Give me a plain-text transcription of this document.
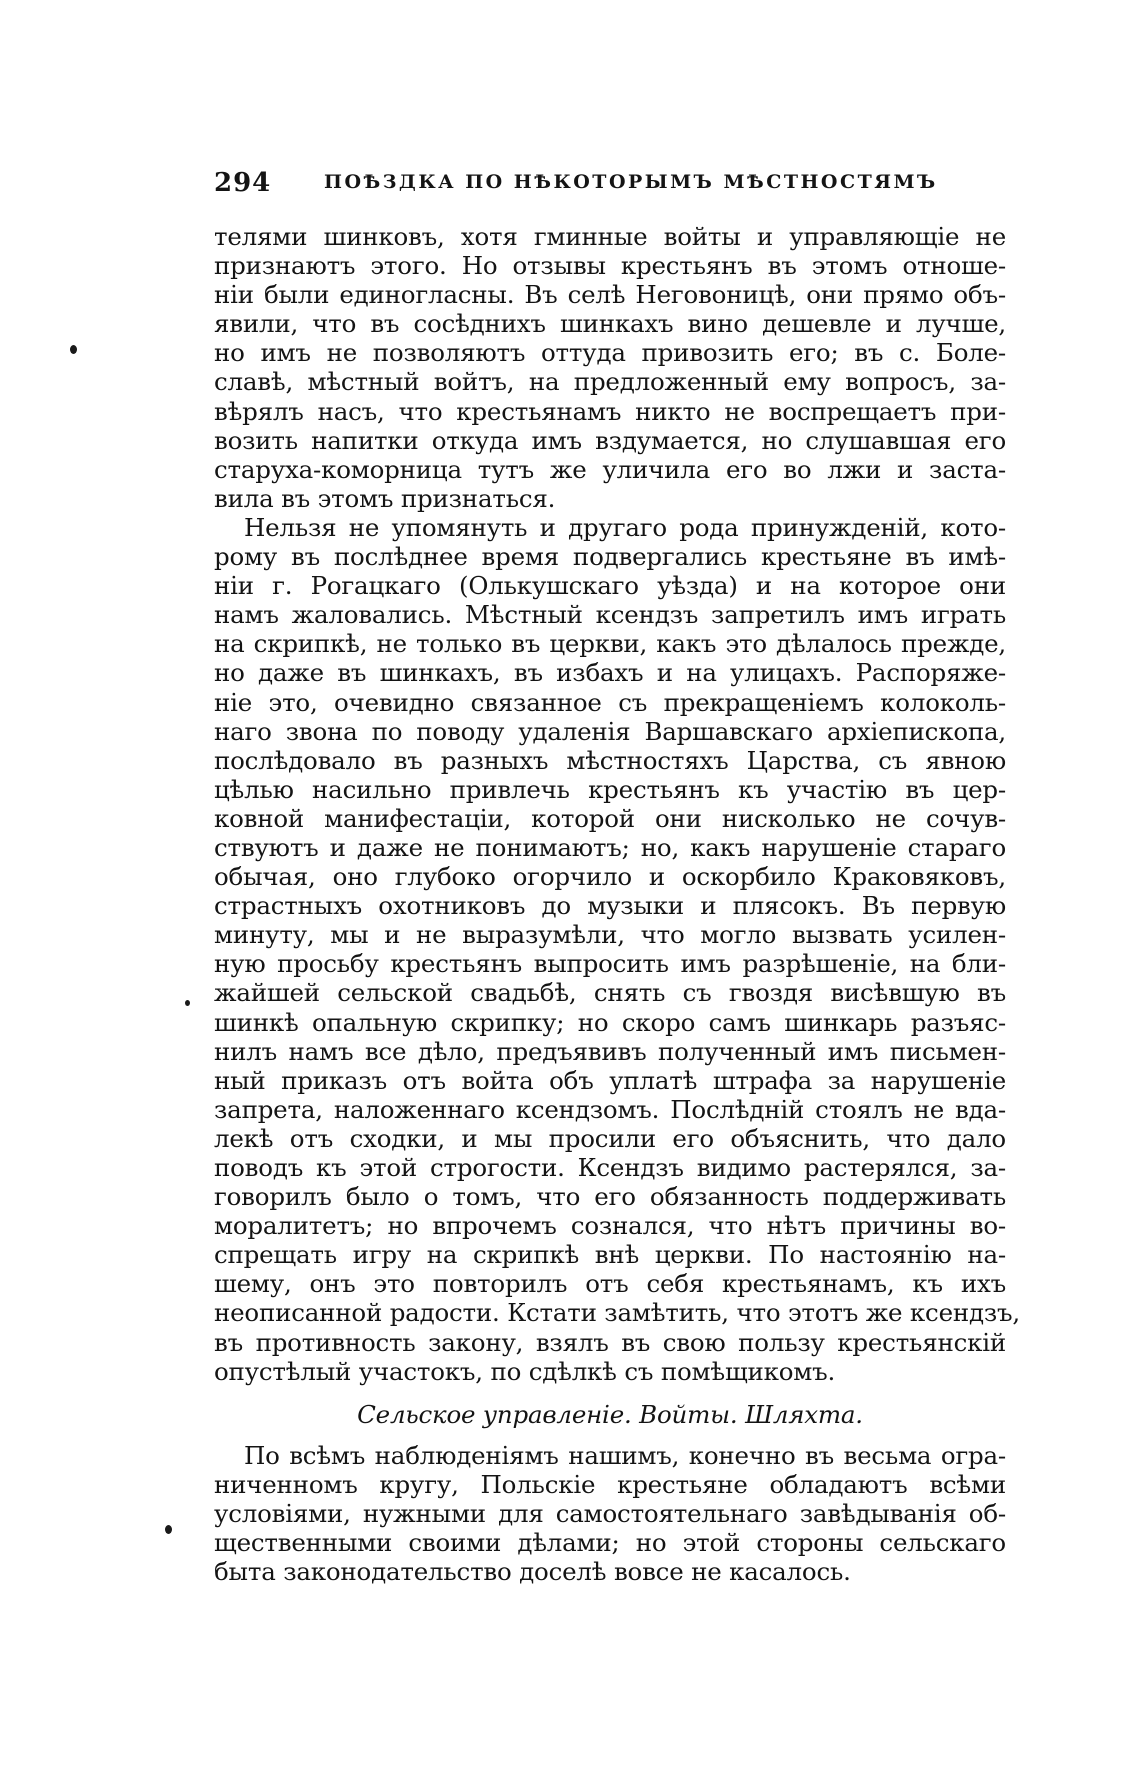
294	ПОѢЗДКА ПО НѢКОТОРЫМЪ МѢСТНОСТЯМЪ
телями шинковъ, хотя гминные войты и управляющіе не
признаютъ этого. Но отзывы крестьянъ въ этомъ отноше-
ніи были единогласны. Въ селѣ Неговоницѣ, они прямо объ-
явили, что въ сосѣднихъ шинкахъ вино дешевле и лучше,
но имъ не позволяютъ оттуда привозить его; въ с. Боле-
славѣ, мѣстный войтъ, на предложенный ему вопросъ, за-
вѣрялъ насъ, что крестьянамъ никто не воспрещаетъ при-
возить напитки откуда имъ вздумается, но слушавшая его
старуха-коморница тутъ же уличила его во лжи и заста-
вила въ этомъ признаться.
Нельзя не упомянуть и другаго рода принужденій, кото-
рому въ послѣднее время подвергались крестьяне въ имѣ-
ніи г. Рогацкаго (Олькушскаго уѣзда) и на которое они
намъ жаловались. Мѣстный ксендзъ запретилъ имъ играть
на скрипкѣ, не только въ церкви, какъ это дѣлалось прежде,
но даже въ шинкахъ, въ избахъ и на улицахъ. Распоряже-
ніе это, очевидно связанное съ прекращеніемъ колоколь-
наго звона по поводу удаленія Варшавскаго архіепископа,
послѣдовало въ разныхъ мѣстностяхъ Царства, съ явною
цѣлью насильно привлечь крестьянъ къ участію въ цер-
ковной манифестаціи, которой они нисколько не сочув-
ствуютъ и даже не понимаютъ; но, какъ нарушеніе стараго
обычая, оно глубоко огорчило и оскорбило Краковяковъ,
страстныхъ охотниковъ до музыки и плясокъ. Въ первую
минуту, мы и не выразумѣли, что могло вызвать усилен-
ную просьбу крестьянъ выпросить имъ разрѣшеніе, на бли-
жайшей сельской свадьбѣ, снять съ гвоздя висѣвшую въ
шинкѣ опальную скрипку; но скоро самъ шинкарь разъяс-
нилъ намъ все дѣло, предъявивъ полученный имъ письмен-
ный приказъ отъ войта объ уплатѣ штрафа за нарушеніе
запрета, наложеннаго ксендзомъ. Послѣдній стоялъ не вда-
лекѣ отъ сходки, и мы просили его объяснить, что дало
поводъ къ этой строгости. Ксендзъ видимо растерялся, за-
говорилъ было о томъ, что его обязанность поддерживать
моралитетъ; но впрочемъ сознался, что нѣтъ причины во-
спрещать игру на скрипкѣ внѣ церкви. По настоянію на-
шему, онъ это повторилъ отъ себя крестьянамъ, къ ихъ
неописанной радости. Кстати замѣтить, что этотъ же ксендзъ,
въ противность закону, взялъ въ свою пользу крестьянскій
опустѣлый участокъ, по сдѣлкѣ съ помѣщикомъ.
Сельское управленіе. Войты. Шляхта.
По всѣмъ наблюденіямъ нашимъ, конечно въ весьма огра-
ниченномъ кругу, Польскіе крестьяне обладаютъ всѣми
условіями, нужными для самостоятельнаго завѣдыванія об-
щественными своими дѣлами; но этой стороны сельскаго
быта законодательство доселѣ вовсе не касалось.
